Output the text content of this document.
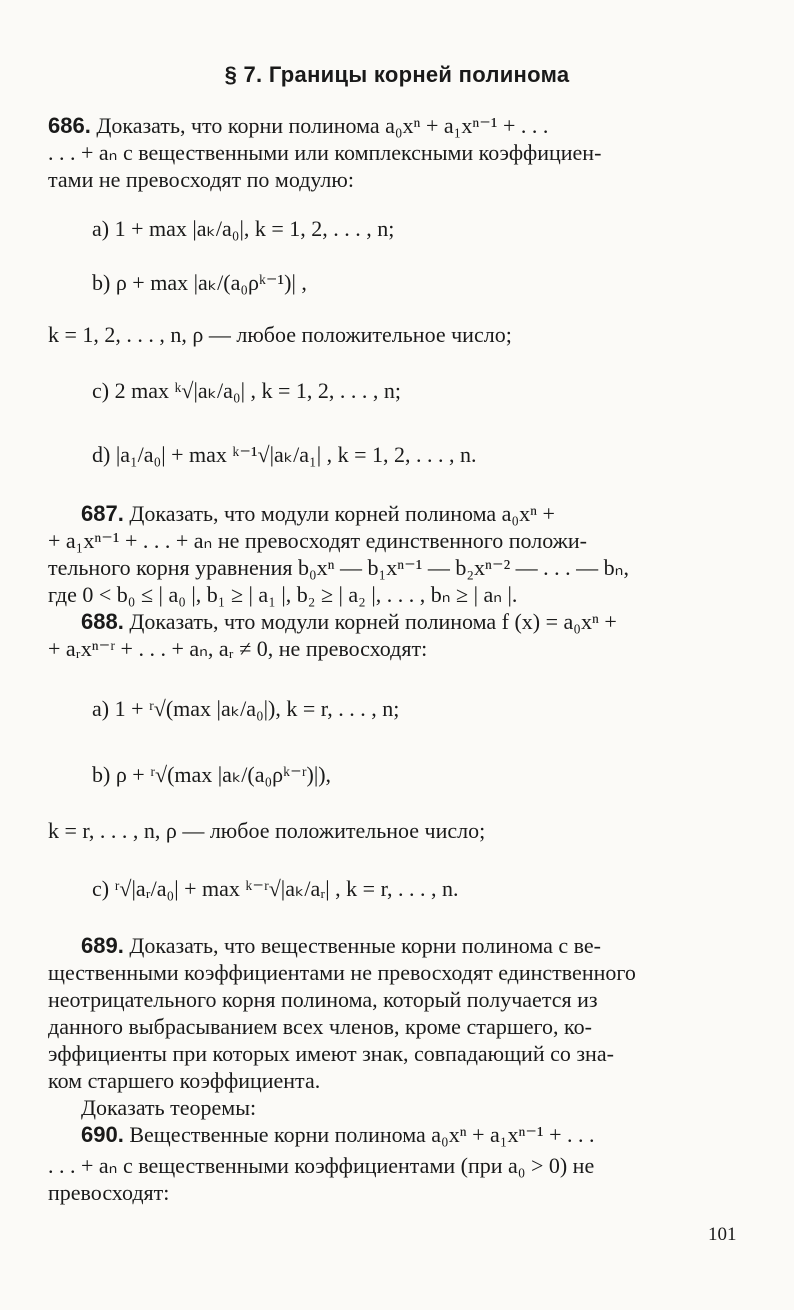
§ 7. Границы корней полинома
686. Доказать, что корни полинома a₀xⁿ + a₁xⁿ⁻¹ + . . .
. . . + aₙ с вещественными или комплексными коэффициен-
тами не превосходят по модулю:
а) 1 + max |aₖ/a₀|, k = 1, 2, . . . , n;
b) ρ + max |aₖ/(a₀ρᵏ⁻¹)| ,
k = 1, 2, . . . , n, ρ — любое положительное число;
c) 2 max ᵏ√|aₖ/a₀| , k = 1, 2, . . . , n;
d) |a₁/a₀| + max ᵏ⁻¹√|aₖ/a₁| , k = 1, 2, . . . , n.
687. Доказать, что модули корней полинома a₀xⁿ +
+ a₁xⁿ⁻¹ + . . . + aₙ не превосходят единственного положи-
тельного корня уравнения b₀xⁿ — b₁xⁿ⁻¹ — b₂xⁿ⁻² — . . . — bₙ,
где 0 < b₀ ≤ | a₀ |, b₁ ≥ | a₁ |, b₂ ≥ | a₂ |, . . . , bₙ ≥ | aₙ |.
688. Доказать, что модули корней полинома f (x) = a₀xⁿ +
+ aᵣxⁿ⁻ʳ + . . . + aₙ, aᵣ ≠ 0, не превосходят:
а) 1 + ʳ√(max |aₖ/a₀|), k = r, . . . , n;
b) ρ + ʳ√(max |aₖ/(a₀ρᵏ⁻ʳ)|),
k = r, . . . , n, ρ — любое положительное число;
c) ʳ√|aᵣ/a₀| + max ᵏ⁻ʳ√|aₖ/aᵣ| , k = r, . . . , n.
689. Доказать, что вещественные корни полинома с ве-
щественными коэффициентами не превосходят единственного
неотрицательного корня полинома, который получается из
данного выбрасыванием всех членов, кроме старшего, ко-
эффициенты при которых имеют знак, совпадающий со зна-
ком старшего коэффициента.
Доказать теоремы:
690. Вещественные корни полинома a₀xⁿ + a₁xⁿ⁻¹ + . . .
. . . + aₙ с вещественными коэффициентами (при a₀ > 0) не
превосходят:
101
